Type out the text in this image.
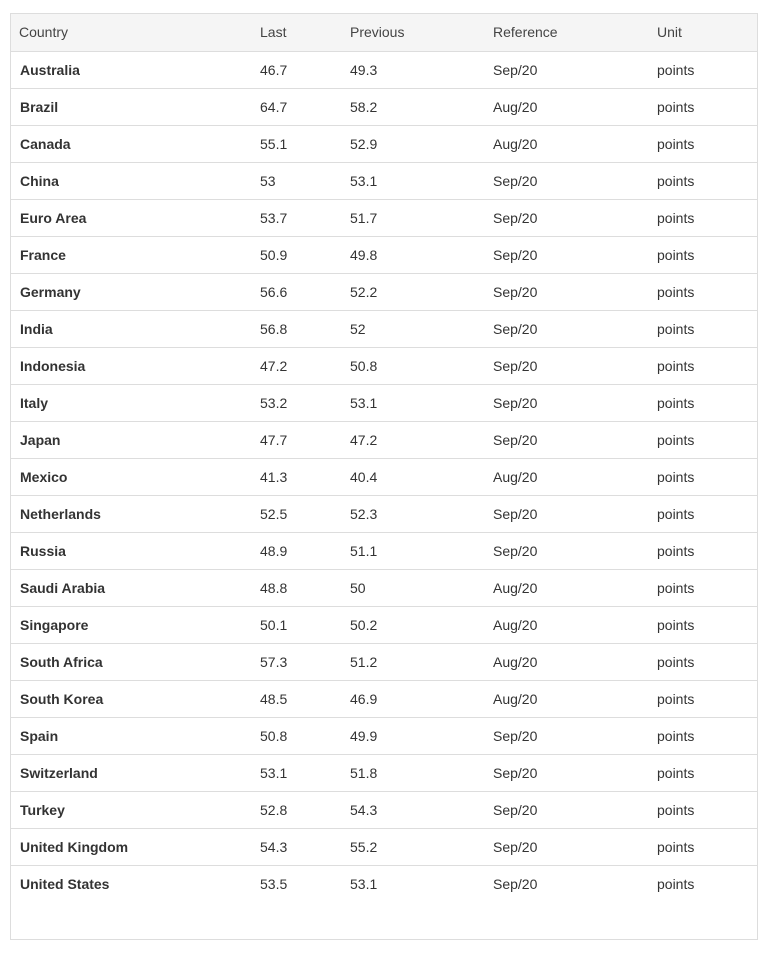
Country	Last	Previous	Reference	Unit
Australia	46.7	49.3	Sep/20	points
Brazil	64.7	58.2	Aug/20	points
Canada	55.1	52.9	Aug/20	points
China	53	53.1	Sep/20	points
Euro Area	53.7	51.7	Sep/20	points
France	50.9	49.8	Sep/20	points
Germany	56.6	52.2	Sep/20	points
India	56.8	52	Sep/20	points
Indonesia	47.2	50.8	Sep/20	points
Italy	53.2	53.1	Sep/20	points
Japan	47.7	47.2	Sep/20	points
Mexico	41.3	40.4	Aug/20	points
Netherlands	52.5	52.3	Sep/20	points
Russia	48.9	51.1	Sep/20	points
Saudi Arabia	48.8	50	Aug/20	points
Singapore	50.1	50.2	Aug/20	points
South Africa	57.3	51.2	Aug/20	points
South Korea	48.5	46.9	Aug/20	points
Spain	50.8	49.9	Sep/20	points
Switzerland	53.1	51.8	Sep/20	points
Turkey	52.8	54.3	Sep/20	points
United Kingdom	54.3	55.2	Sep/20	points
United States	53.5	53.1	Sep/20	points
